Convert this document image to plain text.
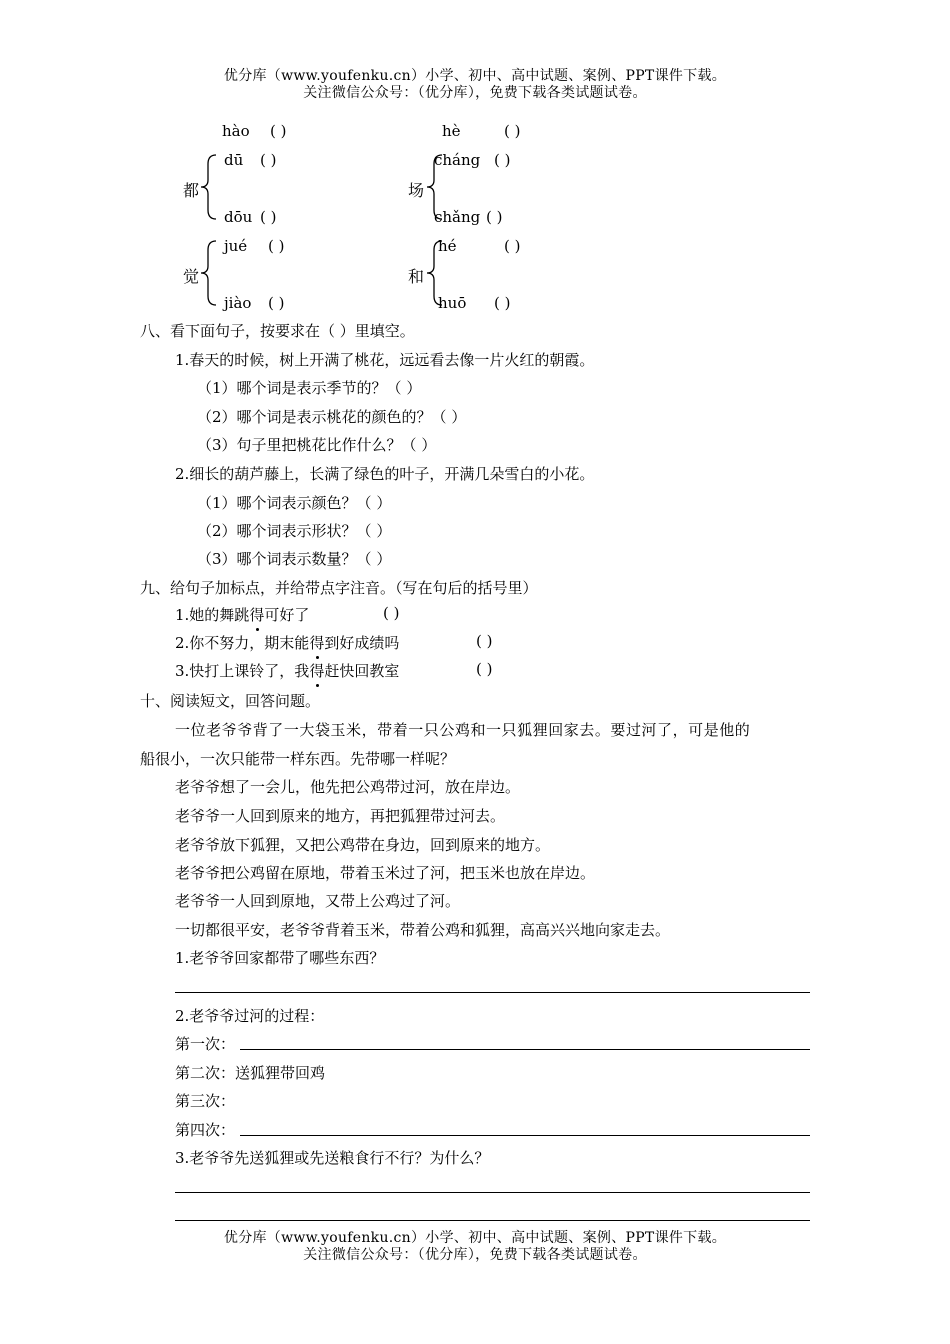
优分库（www.youfenku.cn）小学、初中、高中试题、案例、PPT课件下载。
关注微信公众号：（优分库），免费下载各类试题试卷。
hào ( )	hè	( )
都
dū ( )
dōu ( )
场
cháng ( )
chǎng ( )
觉
jué ( )
jiào ( )
和
hé	( )
huō ( )
八、看下面句子，按要求在（ ）里填空。
1.春天的时候，树上开满了桃花，远远看去像一片火红的朝霞。
（1）哪个词是表示季节的？（ ）
（2）哪个词是表示桃花的颜色的？（ ）
（3）句子里把桃花比作什么？（ ）
2.细长的葫芦藤上，长满了绿色的叶子，开满几朵雪白的小花。
（1）哪个词表示颜色？（ ）
（2）哪个词表示形状？（ ）
（3）哪个词表示数量？（ ）
九、给句子加标点，并给带点字注音。（写在句后的括号里）
1.她的舞跳得
可好了	( )
2.你不努力，期末能得
到好成绩吗	( )
3.快打上课铃了，我得
赶快回教室	( )
十、阅读短文，回答问题。
一位老爷爷背了一大袋玉米，带着一只公鸡和一只狐狸回家去。要过河了，可是他的
船很小，一次只能带一样东西。先带哪一样呢？
老爷爷想了一会儿，他先把公鸡带过河，放在岸边。
老爷爷一人回到原来的地方，再把狐狸带过河去。
老爷爷放下狐狸，又把公鸡带在身边，回到原来的地方。
老爷爷把公鸡留在原地，带着玉米过了河，把玉米也放在岸边。
老爷爷一人回到原地，又带上公鸡过了河。
一切都很平安，老爷爷背着玉米，带着公鸡和狐狸，高高兴兴地向家走去。
1.老爷爷回家都带了哪些东西？
2.老爷爷过河的过程：
第一次：
第二次：送狐狸带回鸡
第三次：
第四次：
3.老爷爷先送狐狸或先送粮食行不行？为什么？
优分库（www.youfenku.cn）小学、初中、高中试题、案例、PPT课件下载。
关注微信公众号：（优分库），免费下载各类试题试卷。
